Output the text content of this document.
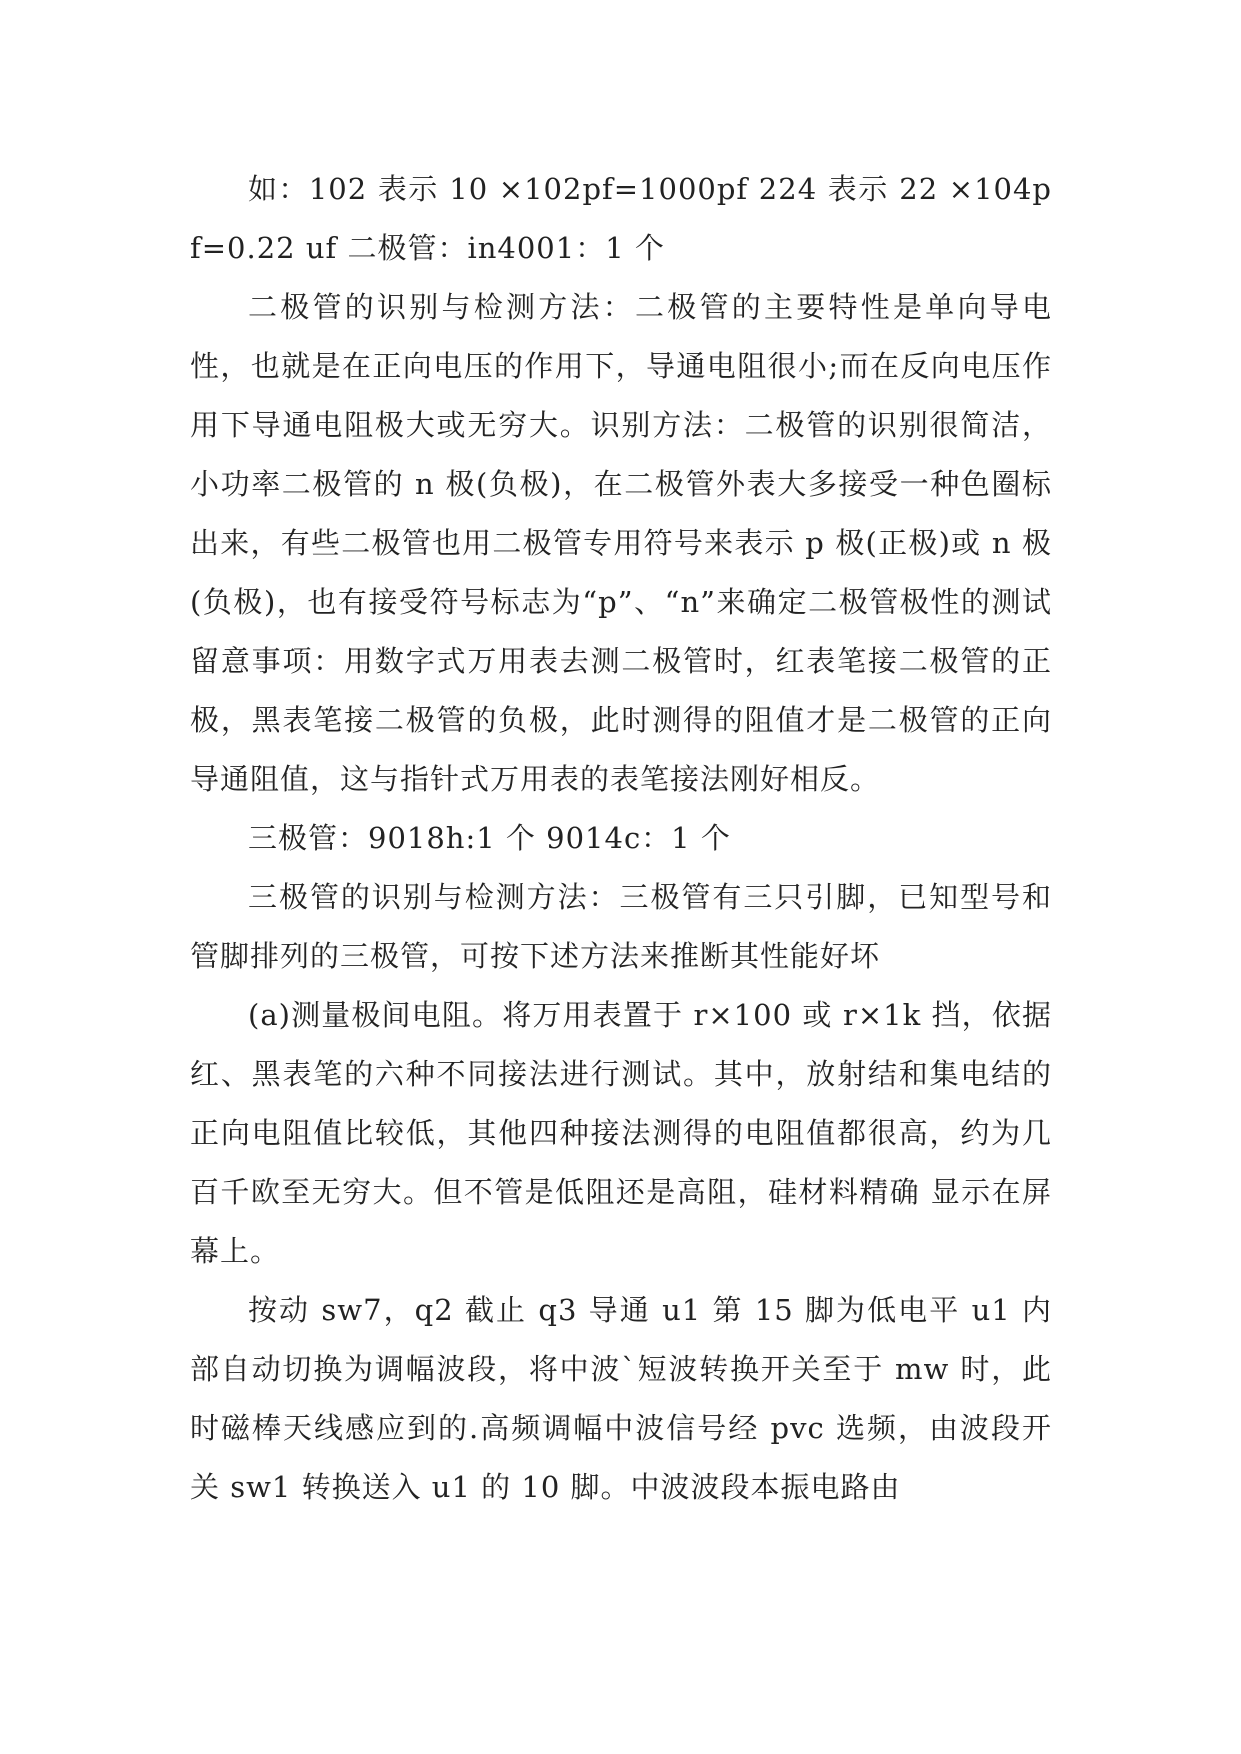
如：102 表示 10 ×102pf=1000pf 224 表示 22 ×104pf=0.22 uf 二极管：in4001：1 个

二极管的识别与检测方法：二极管的主要特性是单向导电性，也就是在正向电压的作用下，导通电阻很小;而在反向电压作用下导通电阻极大或无穷大。识别方法：二极管的识别很简洁，小功率二极管的 n 极(负极)，在二极管外表大多接受一种色圈标出来，有些二极管也用二极管专用符号来表示 p 极(正极)或 n 极(负极)，也有接受符号标志为“p”、“n”来确定二极管极性的测试留意事项：用数字式万用表去测二极管时，红表笔接二极管的正极，黑表笔接二极管的负极，此时测得的阻值才是二极管的正向导通阻值，这与指针式万用表的表笔接法刚好相反。

三极管：9018h:1 个 9014c：1 个

三极管的识别与检测方法：三极管有三只引脚，已知型号和管脚排列的三极管，可按下述方法来推断其性能好坏

(a)测量极间电阻。将万用表置于 r×100 或 r×1k 挡，依据红、黑表笔的六种不同接法进行测试。其中，放射结和集电结的正向电阻值比较低，其他四种接法测得的电阻值都很高，约为几百千欧至无穷大。但不管是低阻还是高阻，硅材料精确 显示在屏幕上。

按动 sw7，q2 截止 q3 导通 u1 第 15 脚为低电平 u1 内部自动切换为调幅波段，将中波`短波转换开关至于 mw 时，此时磁棒天线感应到的.高频调幅中波信号经 pvc 选频，由波段开关 sw1 转换送入 u1 的 10 脚。中波波段本振电路由
